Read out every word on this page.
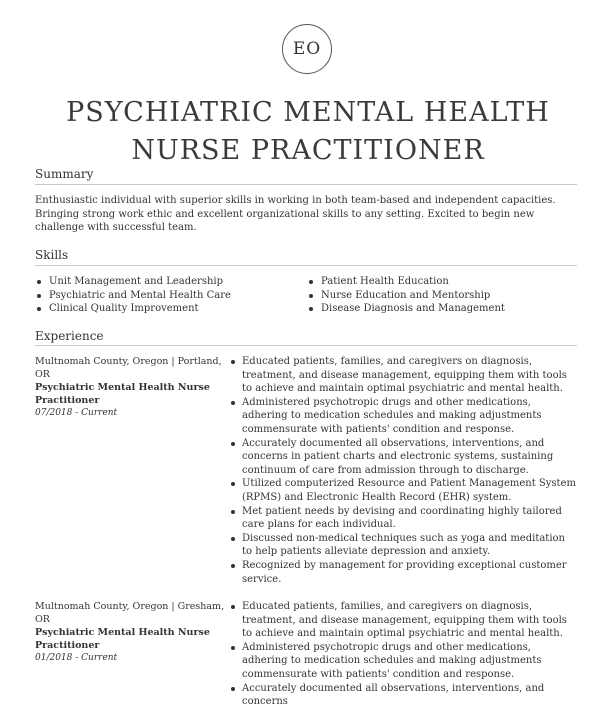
EO
PSYCHIATRIC MENTAL HEALTH NURSE PRACTITIONER
Summary

Enthusiastic individual with superior skills in working in both team-based and independent capacities. Bringing strong work ethic and excellent organizational skills to any setting. Excited to begin new challenge with successful team.

Skills
Unit Management and Leadership
Psychiatric and Mental Health Care
Clinical Quality Improvement
Patient Health Education
Nurse Education and Mentorship
Disease Diagnosis and Management
Experience
Multnomah County, Oregon | Portland, OR
Psychiatric Mental Health Nurse Practitioner
07/2018 - Current
Educated patients, families, and caregivers on diagnosis, treatment, and disease management, equipping them with tools to achieve and maintain optimal psychiatric and mental health.
Administered psychotropic drugs and other medications, adhering to medication schedules and making adjustments commensurate with patients' condition and response.
Accurately documented all observations, interventions, and concerns in patient charts and electronic systems, sustaining continuum of care from admission through to discharge.
Utilized computerized Resource and Patient Management System (RPMS) and Electronic Health Record (EHR) system.
Met patient needs by devising and coordinating highly tailored care plans for each individual.
Discussed non-medical techniques such as yoga and meditation to help patients alleviate depression and anxiety.
Recognized by management for providing exceptional customer service.
Multnomah County, Oregon | Gresham, OR
Psychiatric Mental Health Nurse Practitioner
01/2018 - Current
Educated patients, families, and caregivers on diagnosis, treatment, and disease management, equipping them with tools to achieve and maintain optimal psychiatric and mental health.
Administered psychotropic drugs and other medications, adhering to medication schedules and making adjustments commensurate with patients' condition and response.
Accurately documented all observations, interventions, and concerns
